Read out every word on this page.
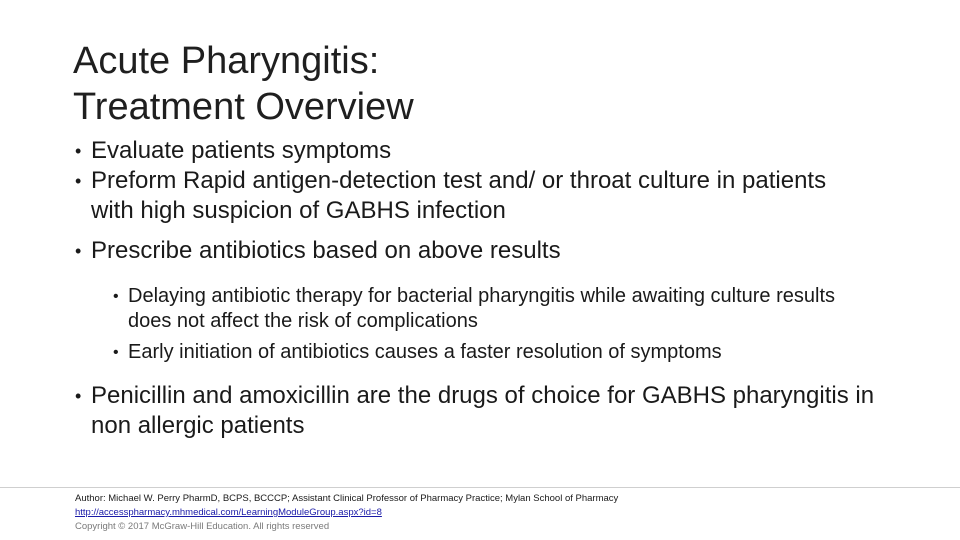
Acute Pharyngitis:
Treatment Overview
• Evaluate patients symptoms
• Preform Rapid antigen-detection test and/ or throat culture in patients with high suspicion of GABHS infection
• Prescribe antibiotics based on above results
• Delaying antibiotic therapy for bacterial pharyngitis while awaiting culture results does not affect the risk of complications
• Early initiation of antibiotics causes a faster resolution of symptoms
• Penicillin and amoxicillin are the drugs of choice for GABHS pharyngitis in non allergic patients
Author: Michael W. Perry PharmD, BCPS, BCCCP; Assistant Clinical Professor of Pharmacy Practice; Mylan School of Pharmacy
http://accesspharmacy.mhmedical.com/LearningModuleGroup.aspx?id=8
Copyright © 2017 McGraw-Hill Education. All rights reserved
